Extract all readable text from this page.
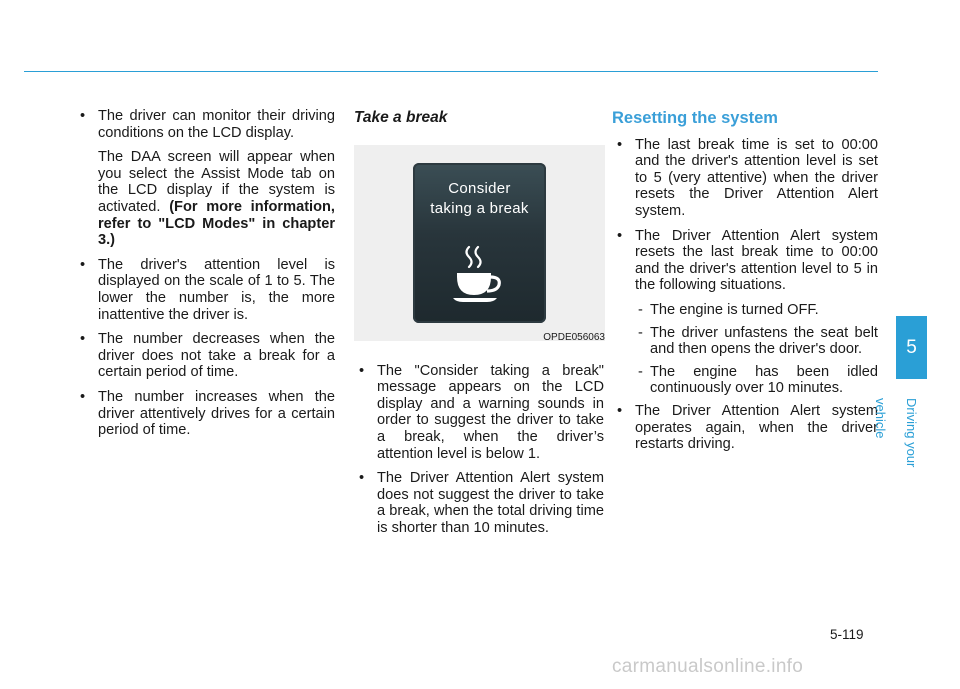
• The driver can monitor their driving conditions on the LCD display.
The DAA screen will appear when you select the Assist Mode tab on the LCD display if the system is activated. (For more information, refer to "LCD Modes" in chapter 3.)
• The driver's attention level is displayed on the scale of 1 to 5. The lower the number is, the more inattentive the driver is.
• The number decreases when the driver does not take a break for a certain period of time.
• The number increases when the driver attentively drives for a certain period of time.
Take a break
Consider
taking a break
OPDE056063
• The "Consider taking a break" message appears on the LCD display and a warning sounds in order to suggest the driver to take a break, when the driver’s attention level is below 1.
• The Driver Attention Alert system does not suggest the driver to take a break, when the total driving time is shorter than 10 minutes.
Resetting the system
• The last break time is set to 00:00 and the driver's attention level is set to 5 (very attentive) when the driver resets the Driver Attention Alert system.
• The Driver Attention Alert system resets the last break time to 00:00 and the driver's attention level to 5 in the following situations.
- The engine is turned OFF.
- The driver unfastens the seat belt and then opens the driver's door.
- The engine has been idled continuously over 10 minutes.
• The Driver Attention Alert system operates again, when the driver restarts driving.
5
Driving your vehicle
5-119
carmanualsonline.info
